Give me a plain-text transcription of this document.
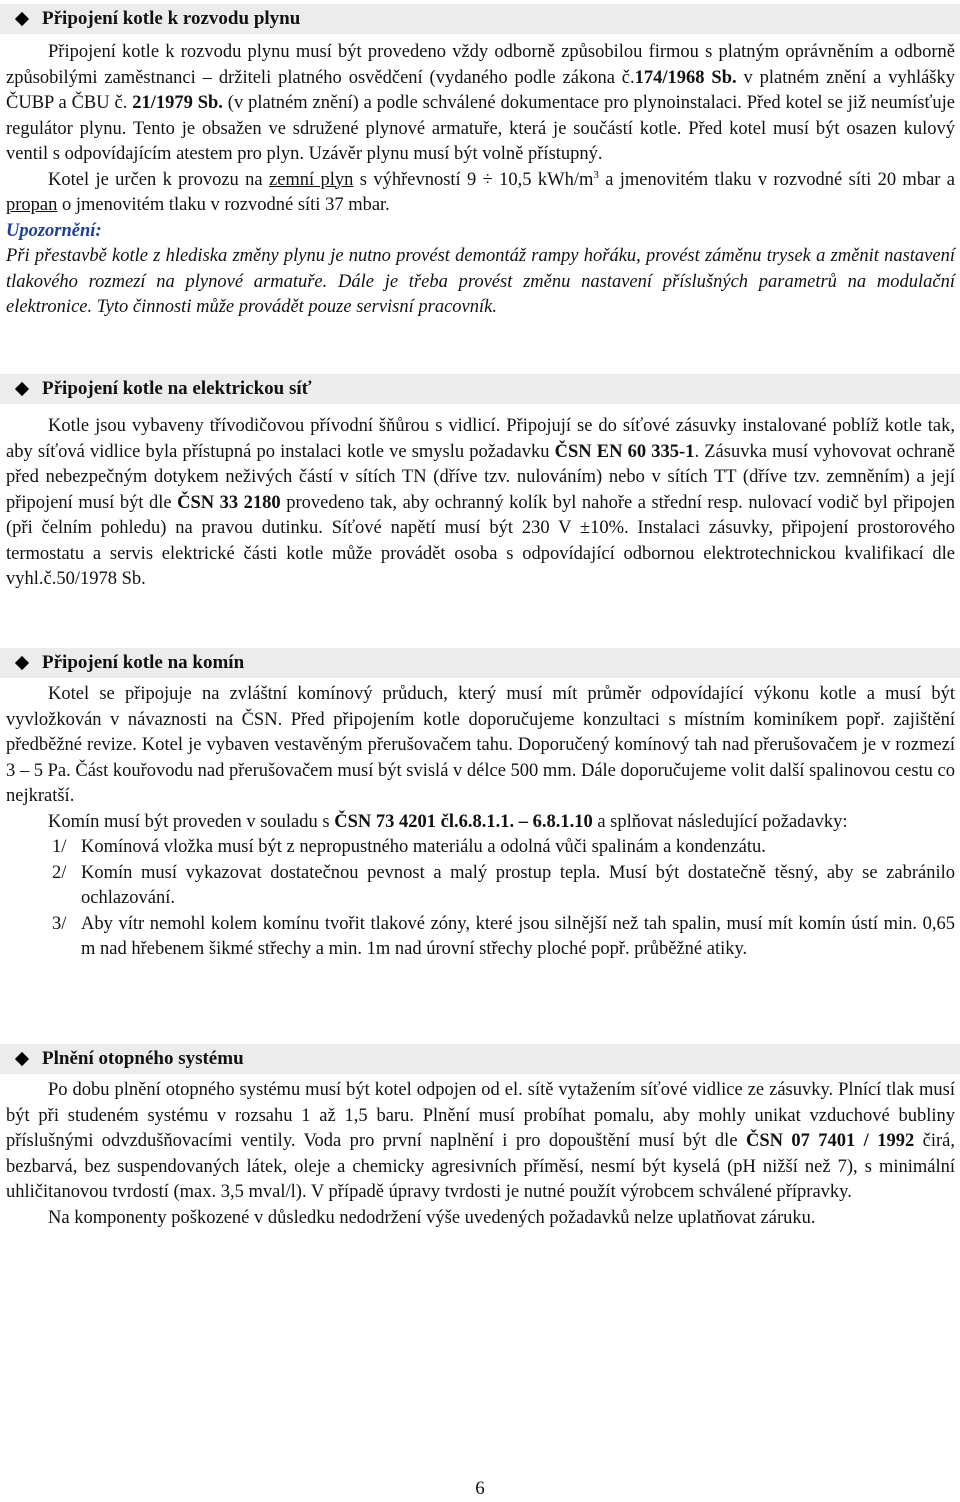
Připojení kotle k rozvodu plynu

Připojení kotle k rozvodu plynu musí být provedeno vždy odborně způsobilou firmou s platným oprávněním a odborně způsobilými zaměstnanci – držiteli platného osvědčení (vydaného podle zákona č.174/1968 Sb. v platném znění a vyhlášky ČUBP a ČBU č. 21/1979 Sb. (v platném znění) a podle schválené dokumentace pro plynoinstalaci. Před kotel se již neumísťuje regulátor plynu. Tento je obsažen ve sdružené plynové armatuře, která je součástí kotle. Před kotel musí být osazen kulový ventil s odpovídajícím atestem pro plyn. Uzávěr plynu musí být volně přístupný.

Kotel je určen k provozu na zemní plyn s výhřevností 9 ÷ 10,5 kWh/$m^3$ a jmenovitém tlaku v rozvodné síti 20 mbar a propan o jmenovitém tlaku v rozvodné síti 37 mbar.

Upozornění:

Při přestavbě kotle z hlediska změny plynu je nutno provést demontáž rampy hořáku, provést záměnu trysek a změnit nastavení tlakového rozmezí na plynové armatuře. Dále je třeba provést změnu nastavení příslušných parametrů na modulační elektronice. Tyto činnosti může provádět pouze servisní pracovník.

Připojení kotle na elektrickou síť

Kotle jsou vybaveny třívodičovou přívodní šňůrou s vidlicí. Připojují se do síťové zásuvky instalované poblíž kotle tak, aby síťová vidlice byla přístupná po instalaci kotle ve smyslu požadavku ČSN EN 60 335-1. Zásuvka musí vyhovovat ochraně před nebezpečným dotykem neživých částí v sítích TN (dříve tzv. nulováním) nebo v sítích TT (dříve tzv. zemněním) a její připojení musí být dle ČSN 33 2180 provedeno tak, aby ochranný kolík byl nahoře a střední resp. nulovací vodič byl připojen (při čelním pohledu) na pravou dutinku. Síťové napětí musí být 230 V ±10%. Instalaci zásuvky, připojení prostorového termostatu a servis elektrické části kotle může provádět osoba s odpovídající odbornou elektrotechnickou kvalifikací dle vyhl.č.50/1978 Sb.

Připojení kotle na komín

Kotel se připojuje na zvláštní komínový průduch, který musí mít průměr odpovídající výkonu kotle a musí být vyvložkován v návaznosti na ČSN. Před připojením kotle doporučujeme konzultaci s místním kominíkem popř. zajištění předběžné revize. Kotel je vybaven vestavěným přerušovačem tahu. Doporučený komínový tah nad přerušovačem je v rozmezí 3 – 5 Pa. Část kouřovodu nad přerušovačem musí být svislá v délce 500 mm. Dále doporučujeme volit další spalinovou cestu co nejkratší.

Komín musí být proveden v souladu s ČSN 73 4201 čl.6.8.1.1. – 6.8.1.10 a splňovat následující požadavky:

1/ Komínová vložka musí být z nepropustného materiálu a odolná vůči spalinám a kondenzátu.
2/ Komín musí vykazovat dostatečnou pevnost a malý prostup tepla. Musí být dostatečně těsný, aby se zabránilo ochlazování.
3/ Aby vítr nemohl kolem komínu tvořit tlakové zóny, které jsou silnější než tah spalin, musí mít komín ústí min. 0,65 m nad hřebenem šikmé střechy a min. 1m nad úrovní střechy ploché popř. průběžné atiky.
Plnění otopného systému

Po dobu plnění otopného systému musí být kotel odpojen od el. sítě vytažením síťové vidlice ze zásuvky. Plnící tlak musí být při studeném systému v rozsahu 1 až 1,5 baru. Plnění musí probíhat pomalu, aby mohly unikat vzduchové bubliny příslušnými odvzdušňovacími ventily. Voda pro první naplnění i pro dopouštění musí být dle ČSN 07 7401 / 1992 čirá, bezbarvá, bez suspendovaných látek, oleje a chemicky agresivních příměsí, nesmí být kyselá (pH nižší než 7), s minimální uhličitanovou tvrdostí (max. 3,5 mval/l). V případě úpravy tvrdosti je nutné použít výrobcem schválené přípravky.

Na komponenty poškozené v důsledku nedodržení výše uvedených požadavků nelze uplatňovat záruku.

6
